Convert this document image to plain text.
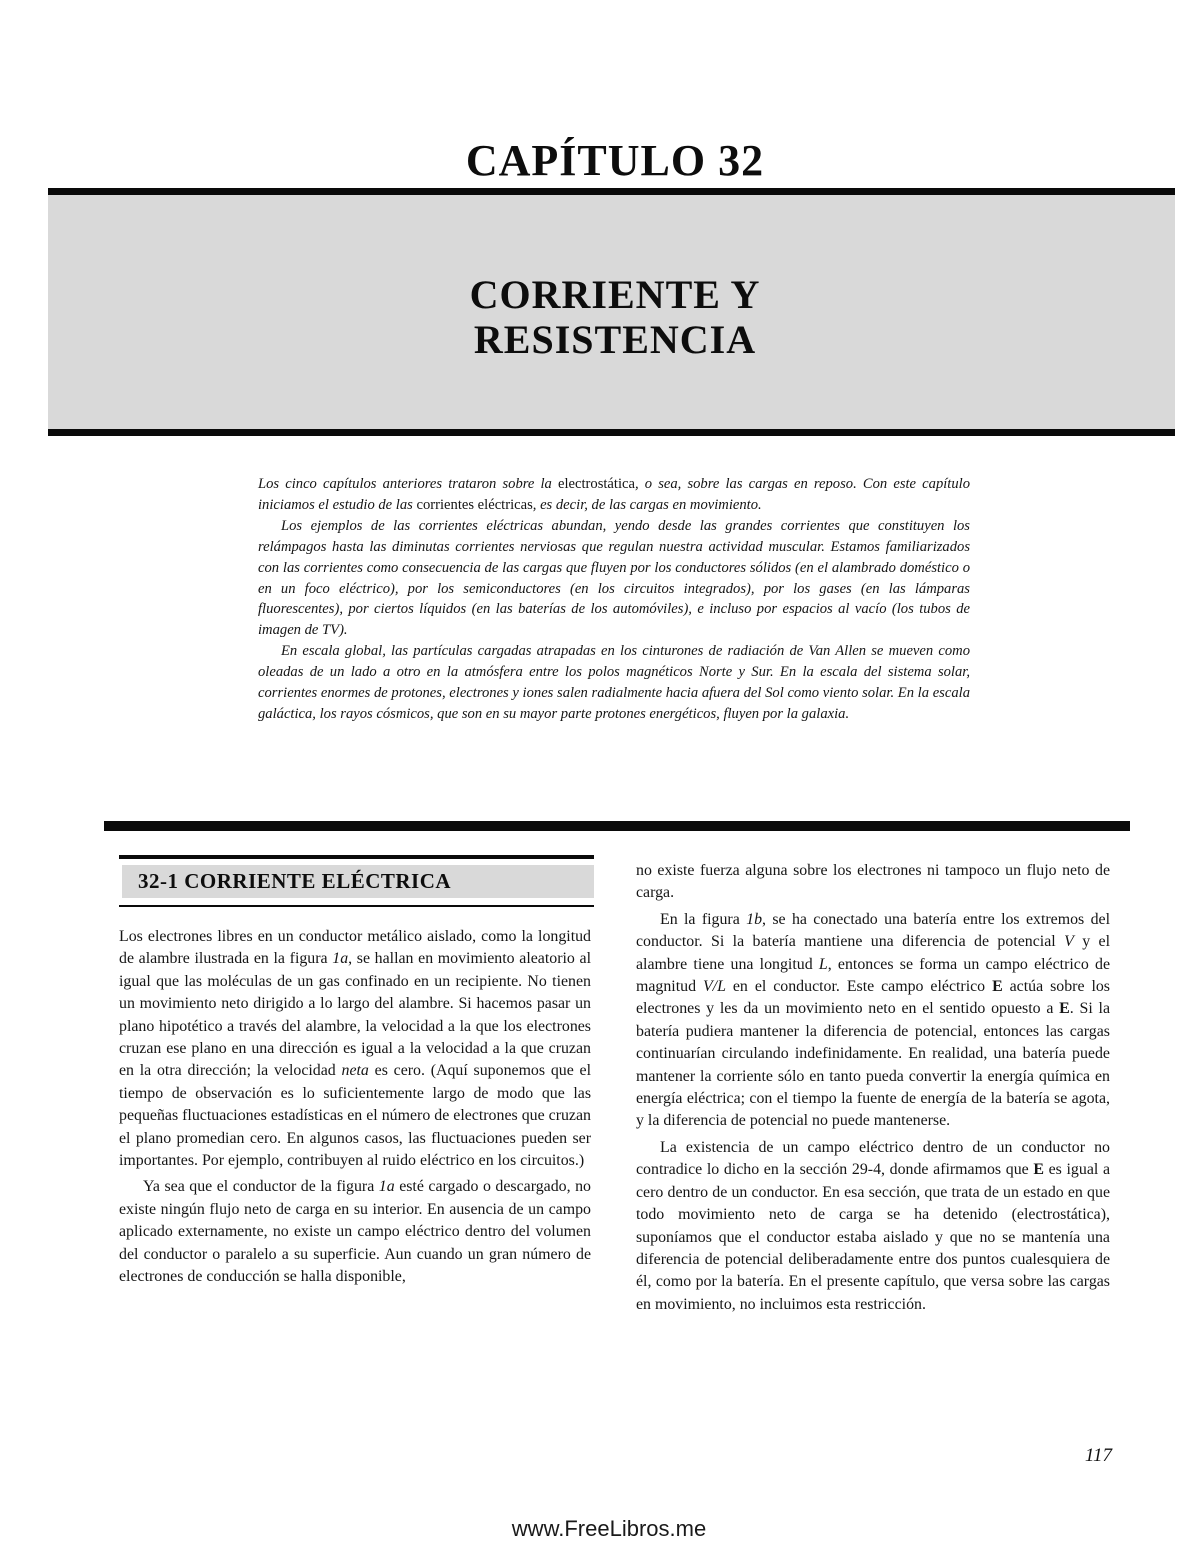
CAPÍTULO 32
CORRIENTE Y
RESISTENCIA

Los cinco capítulos anteriores trataron sobre la electrostática, o sea, sobre las cargas en reposo. Con este capítulo iniciamos el estudio de las corrientes eléctricas, es decir, de las cargas en movimiento.

Los ejemplos de las corrientes eléctricas abundan, yendo desde las grandes corrientes que constituyen los relámpagos hasta las diminutas corrientes nerviosas que regulan nuestra actividad muscular. Estamos familiarizados con las corrientes como consecuencia de las cargas que fluyen por los conductores sólidos (en el alambrado doméstico o en un foco eléctrico), por los semiconductores (en los circuitos integrados), por los gases (en las lámparas fluorescentes), por ciertos líquidos (en las baterías de los automóviles), e incluso por espacios al vacío (los tubos de imagen de TV).

En escala global, las partículas cargadas atrapadas en los cinturones de radiación de Van Allen se mueven como oleadas de un lado a otro en la atmósfera entre los polos magnéticos Norte y Sur. En la escala del sistema solar, corrientes enormes de protones, electrones y iones salen radialmente hacia afuera del Sol como viento solar. En la escala galáctica, los rayos cósmicos, que son en su mayor parte protones energéticos, fluyen por la galaxia.

32-1 CORRIENTE ELÉCTRICA

Los electrones libres en un conductor metálico aislado, como la longitud de alambre ilustrada en la figura 1a, se hallan en movimiento aleatorio al igual que las moléculas de un gas confinado en un recipiente. No tienen un movimiento neto dirigido a lo largo del alambre. Si hacemos pasar un plano hipotético a través del alambre, la velocidad a la que los electrones cruzan ese plano en una dirección es igual a la velocidad a la que cruzan en la otra dirección; la velocidad neta es cero. (Aquí suponemos que el tiempo de observación es lo suficientemente largo de modo que las pequeñas fluctuaciones estadísticas en el número de electrones que cruzan el plano promedian cero. En algunos casos, las fluctuaciones pueden ser importantes. Por ejemplo, contribuyen al ruido eléctrico en los circuitos.)

Ya sea que el conductor de la figura 1a esté cargado o descargado, no existe ningún flujo neto de carga en su interior. En ausencia de un campo aplicado externamente, no existe un campo eléctrico dentro del volumen del conductor o paralelo a su superficie. Aun cuando un gran número de electrones de conducción se halla disponible,

no existe fuerza alguna sobre los electrones ni tampoco un flujo neto de carga.

En la figura 1b, se ha conectado una batería entre los extremos del conductor. Si la batería mantiene una diferencia de potencial V y el alambre tiene una longitud L, entonces se forma un campo eléctrico de magnitud V/L en el conductor. Este campo eléctrico E actúa sobre los electrones y les da un movimiento neto en el sentido opuesto a E. Si la batería pudiera mantener la diferencia de potencial, entonces las cargas continuarían circulando indefinidamente. En realidad, una batería puede mantener la corriente sólo en tanto pueda convertir la energía química en energía eléctrica; con el tiempo la fuente de energía de la batería se agota, y la diferencia de potencial no puede mantenerse.

La existencia de un campo eléctrico dentro de un conductor no contradice lo dicho en la sección 29-4, donde afirmamos que E es igual a cero dentro de un conductor. En esa sección, que trata de un estado en que todo movimiento neto de carga se ha detenido (electrostática), suponíamos que el conductor estaba aislado y que no se mantenía una diferencia de potencial deliberadamente entre dos puntos cualesquiera de él, como por la batería. En el presente capítulo, que versa sobre las cargas en movimiento, no incluimos esta restricción.

117
www.FreeLibros.me
